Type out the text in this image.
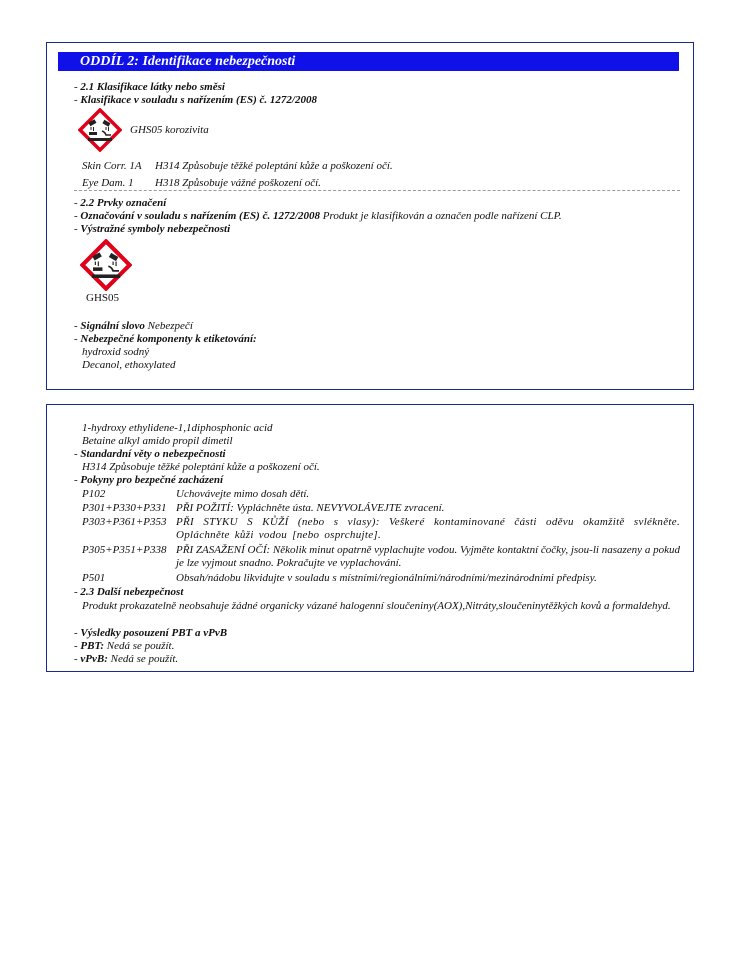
ODDÍL 2: Identifikace nebezpečnosti
- 2.1 Klasifikace látky nebo směsi
- Klasifikace v souladu s nařízením (ES) č. 1272/2008
GHS05 korozivita
Skin Corr. 1A H314 Způsobuje těžké poleptání kůže a poškození očí.
Eye Dam. 1 H318 Způsobuje vážné poškození očí.
- 2.2 Prvky označení
- Označování v souladu s nařízením (ES) č. 1272/2008 Produkt je klasifikován a označen podle nařízení CLP.
- Výstražné symboly nebezpečnosti
GHS05
- Signální slovo Nebezpečí
- Nebezpečné komponenty k etiketování:
hydroxid sodný
Decanol, ethoxylated
1-hydroxy ethylidene-1,1diphosphonic acid
Betaine alkyl amido propil dimetil
- Standardní věty o nebezpečnosti
H314 Způsobuje těžké poleptání kůže a poškození očí.
- Pokyny pro bezpečné zacházení
P102	Uchovávejte mimo dosah dětí.
P301+P330+P331 PŘI POŽITÍ: Vypláchněte ústa. NEVYVOLÁVEJTE zvracení.
P303+P361+P353 PŘI STYKU S KŮŽÍ (nebo s vlasy): Veškeré kontaminované části oděvu okamžitě svlékněte. Opláchněte kůži vodou [nebo osprchujte].
P305+P351+P338 PŘI ZASAŽENÍ OČÍ: Několik minut opatrně vyplachujte vodou. Vyjměte kontaktní čočky, jsou-li nasazeny a pokud je lze vyjmout snadno. Pokračujte ve vyplachování.
P501	Obsah/nádobu likvidujte v souladu s místními/regionálními/národními/mezinárodními předpisy.
- 2.3 Další nebezpečnost
Produkt prokazatelně neobsahuje žádné organicky vázané halogenní sloučeniny(AOX),Nitráty,sloučeninytěžkých kovů a formaldehyd.
- Výsledky posouzení PBT a vPvB
- PBT: Nedá se použít.
- vPvB: Nedá se použít.
